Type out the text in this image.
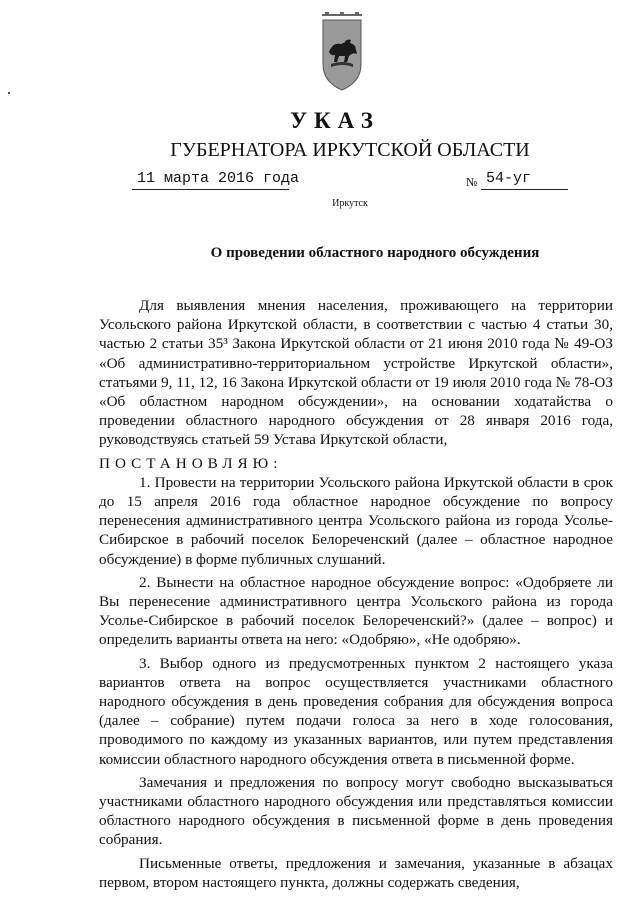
УКАЗ
ГУБЕРНАТОРА ИРКУТСКОЙ ОБЛАСТИ
11 марта 2016 года	№ 54-уг
Иркутск
О проведении областного народного обсуждения

Для выявления мнения населения, проживающего на территории Усольского района Иркутской области, в соответствии с частью 4 статьи 30, частью 2 статьи 35³ Закона Иркутской области от 21 июня 2010 года № 49-ОЗ «Об административно-территориальном устройстве Иркутской области», статьями 9, 11, 12, 16 Закона Иркутской области от 19 июля 2010 года № 78-ОЗ «Об областном народном обсуждении», на основании ходатайства о проведении областного народного обсуждения от 28 января 2016 года, руководствуясь статьей 59 Устава Иркутской области,

ПОСТАНОВЛЯЮ:

1. Провести на территории Усольского района Иркутской области в срок до 15 апреля 2016 года областное народное обсуждение по вопросу перенесения административного центра Усольского района из города Усолье-Сибирское в рабочий поселок Белореченский (далее – областное народное обсуждение) в форме публичных слушаний.

2. Вынести на областное народное обсуждение вопрос: «Одобряете ли Вы перенесение административного центра Усольского района из города Усолье-Сибирское в рабочий поселок Белореченский?» (далее – вопрос) и определить варианты ответа на него: «Одобряю», «Не одобряю».

3. Выбор одного из предусмотренных пунктом 2 настоящего указа вариантов ответа на вопрос осуществляется участниками областного народного обсуждения в день проведения собрания для обсуждения вопроса (далее – собрание) путем подачи голоса за него в ходе голосования, проводимого по каждому из указанных вариантов, или путем представления комиссии областного народного обсуждения ответа в письменной форме.

Замечания и предложения по вопросу могут свободно высказываться участниками областного народного обсуждения или представляться комиссии областного народного обсуждения в письменной форме в день проведения собрания.

Письменные ответы, предложения и замечания, указанные в абзацах первом, втором настоящего пункта, должны содержать сведения,
